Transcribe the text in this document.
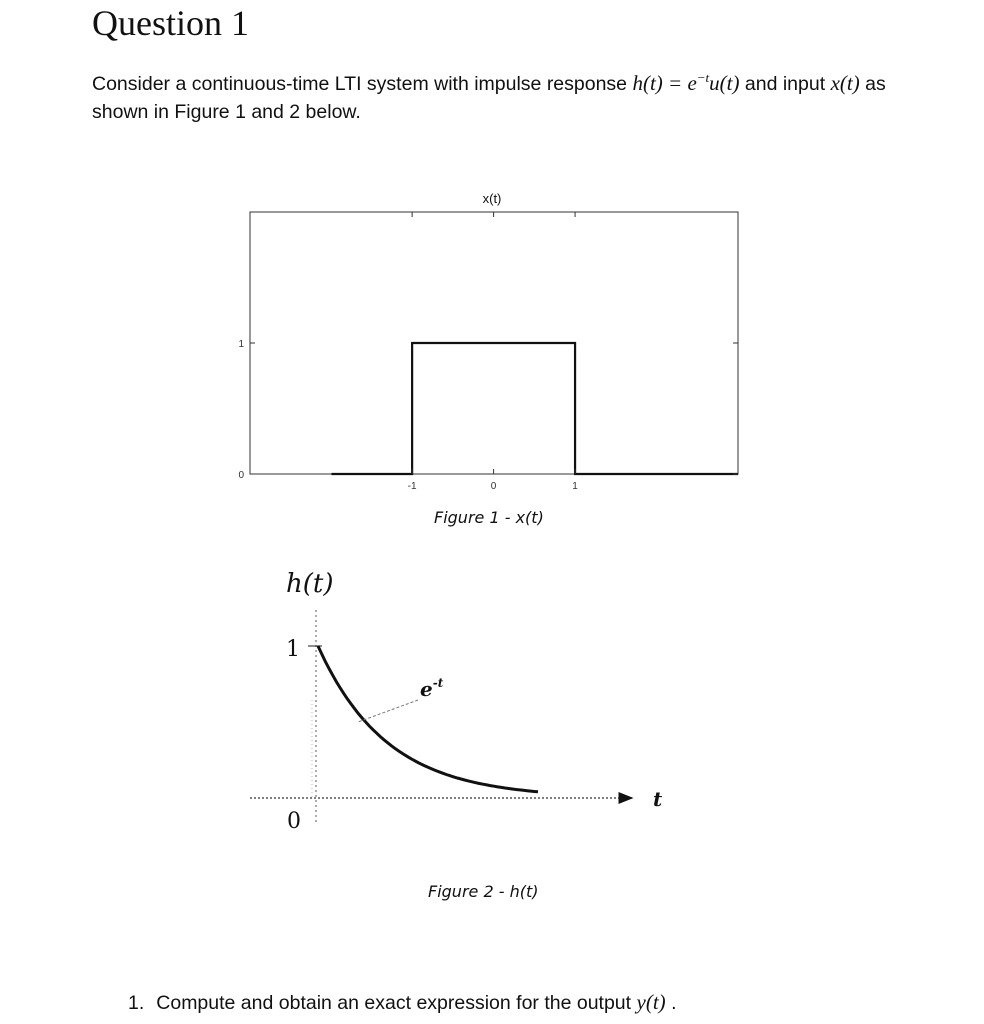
Question 1

Consider a continuous-time LTI system with impulse response $h(t) = e^{-t}u(t)$ and input x(t) as shown in Figure 1 and 2 below.

-1	0	1
0
1
x(t)
Figure 1 - x(t)
h(t)
1
0
t
$e^{-t}$
Figure 2 - h(t)

1. Compute and obtain an exact expression for the output y(t) .
